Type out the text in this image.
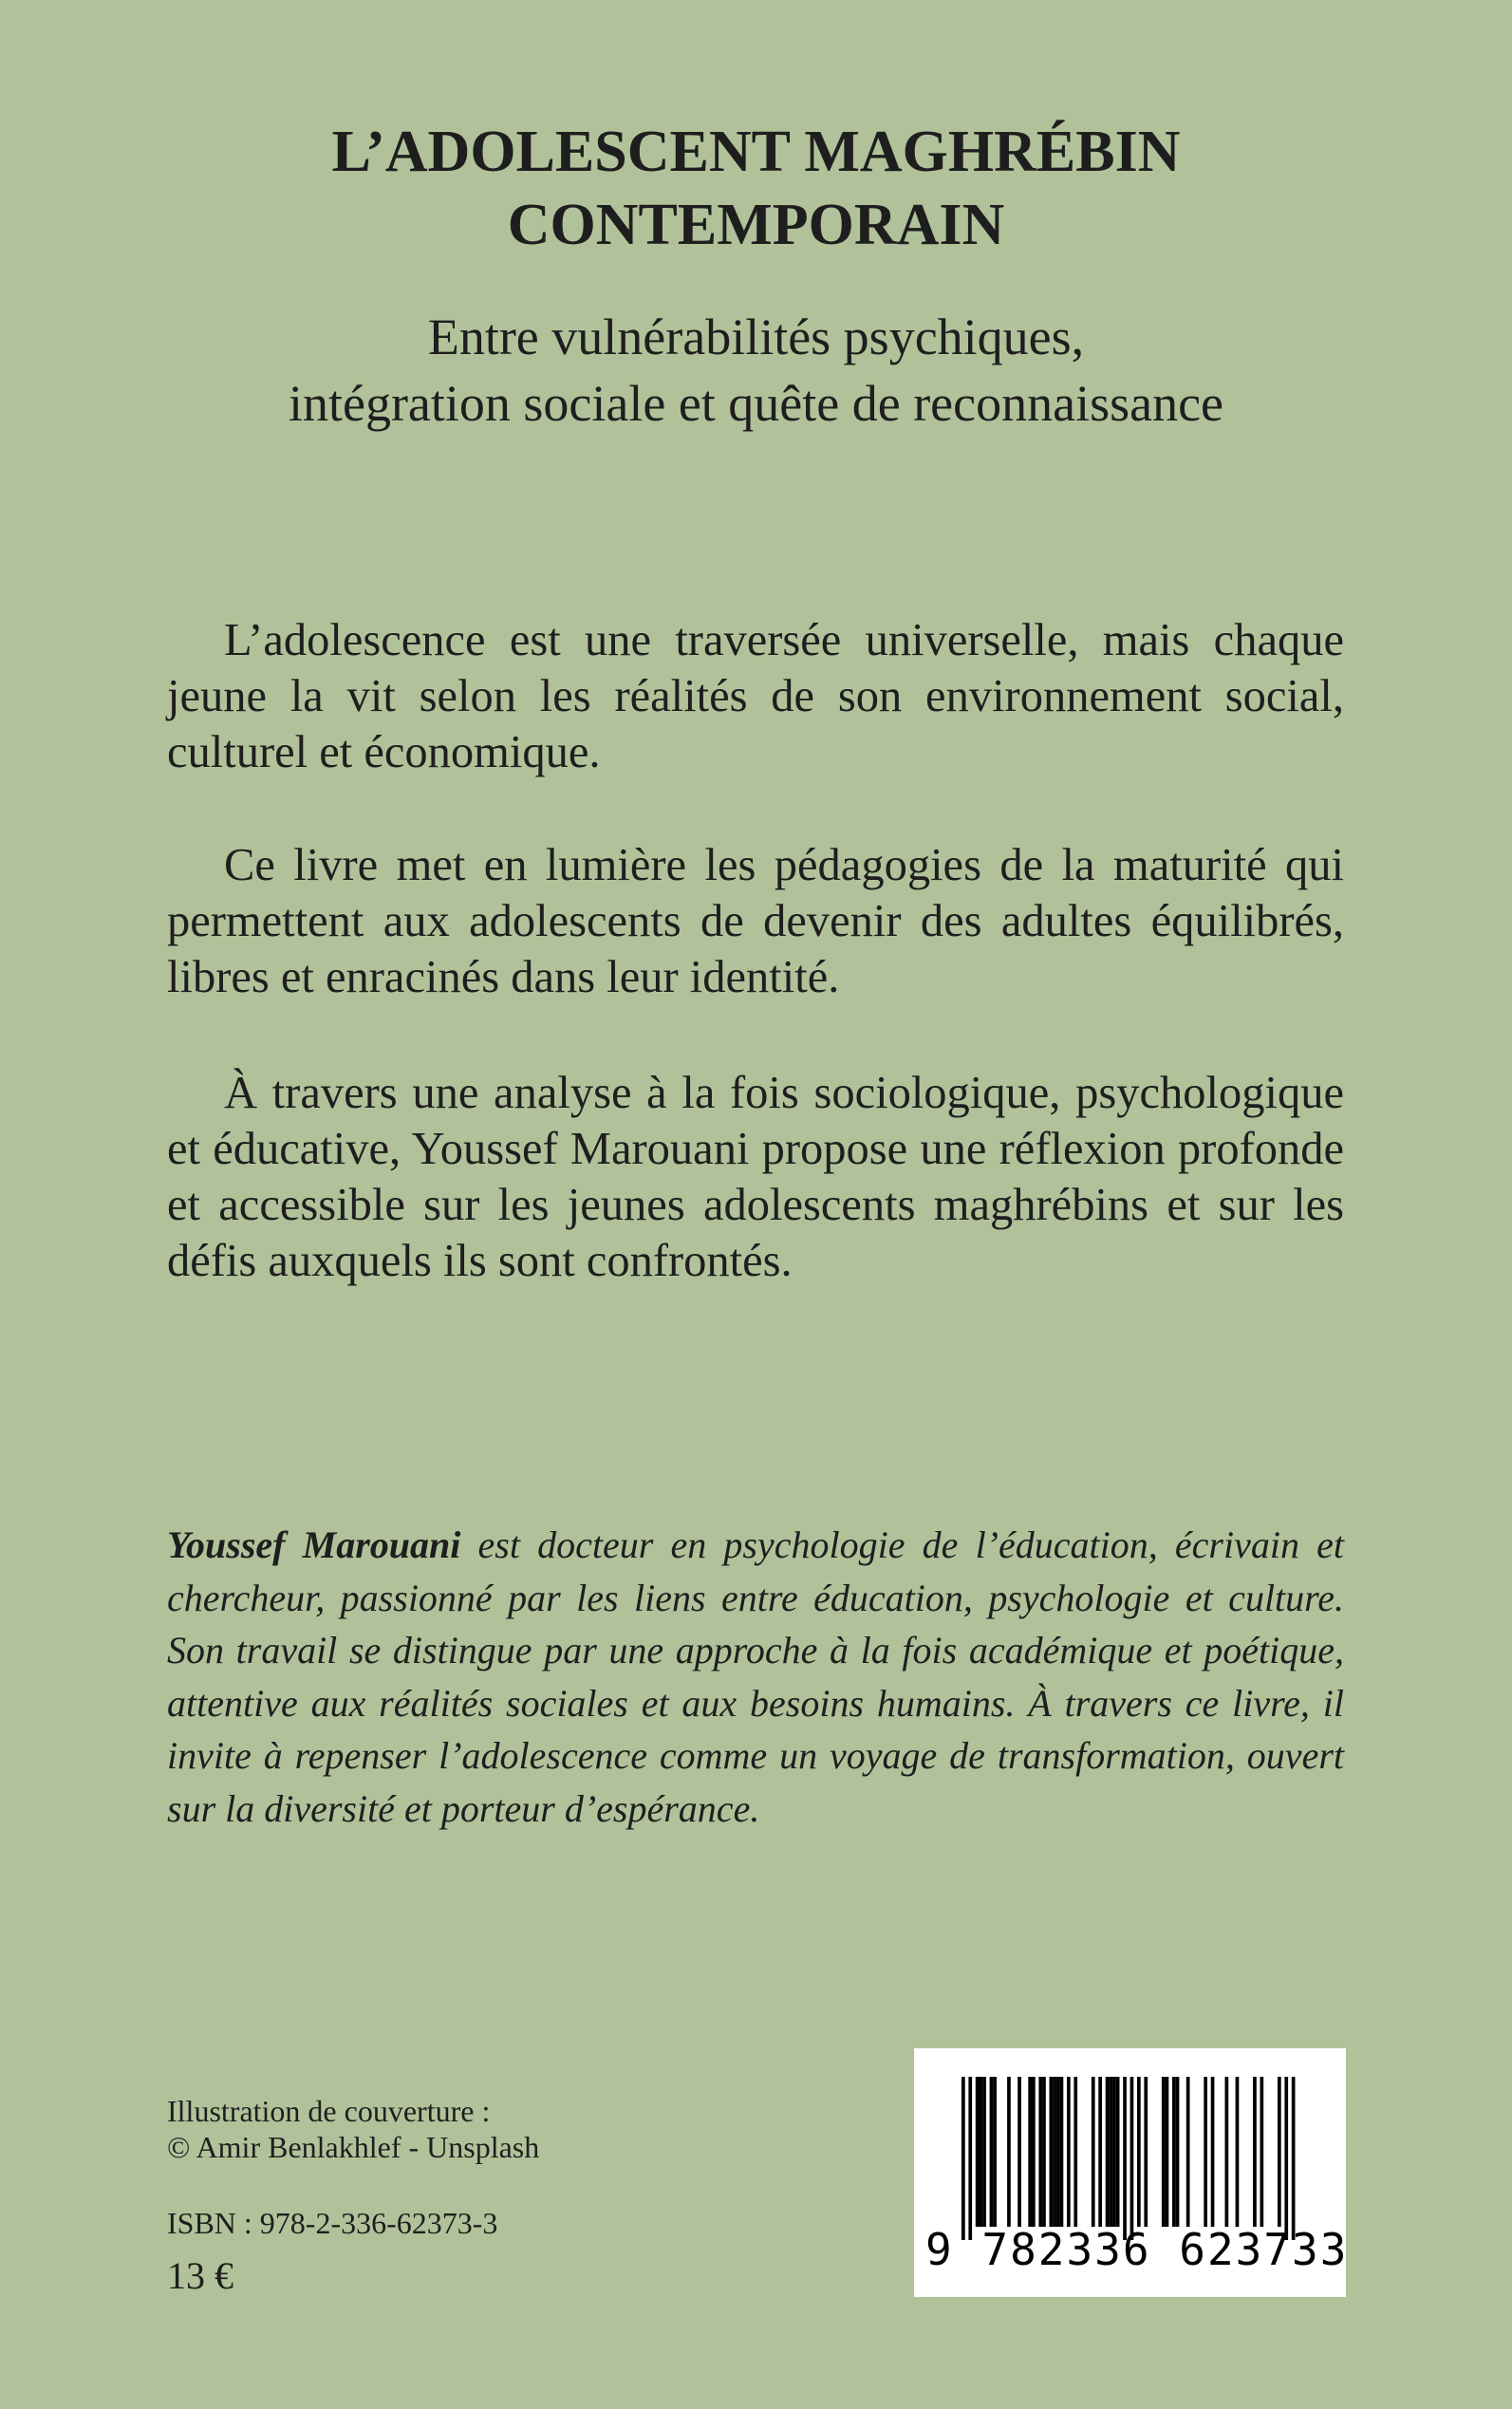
L’ADOLESCENT MAGHRÉBIN
CONTEMPORAIN
Entre vulnérabilités psychiques,
intégration sociale et quête de reconnaissance

L’adolescence est une traversée universelle, mais chaque jeune la vit selon les réalités de son environnement social, culturel et économique.

Ce livre met en lumière les pédagogies de la maturité qui permettent aux adolescents de devenir des adultes équilibrés, libres et enracinés dans leur identité.

À travers une analyse à la fois sociologique, psychologique et éducative, Youssef Marouani propose une réflexion profonde et accessible sur les jeunes adolescents maghrébins et sur les défis auxquels ils sont confrontés.

Youssef Marouani est docteur en psychologie de l’éducation, écrivain et chercheur, passionné par les liens entre éducation, psychologie et culture. Son travail se distingue par une approche à la fois académique et poétique, attentive aux réalités sociales et aux besoins humains. À travers ce livre, il invite à repenser l’adolescence comme un voyage de transformation, ouvert sur la diversité et porteur d’espérance.

Illustration de couverture :
© Amir Benlakhlef - Unsplash
ISBN : 978-2-336-62373-3
13 €
9 782336 623733
